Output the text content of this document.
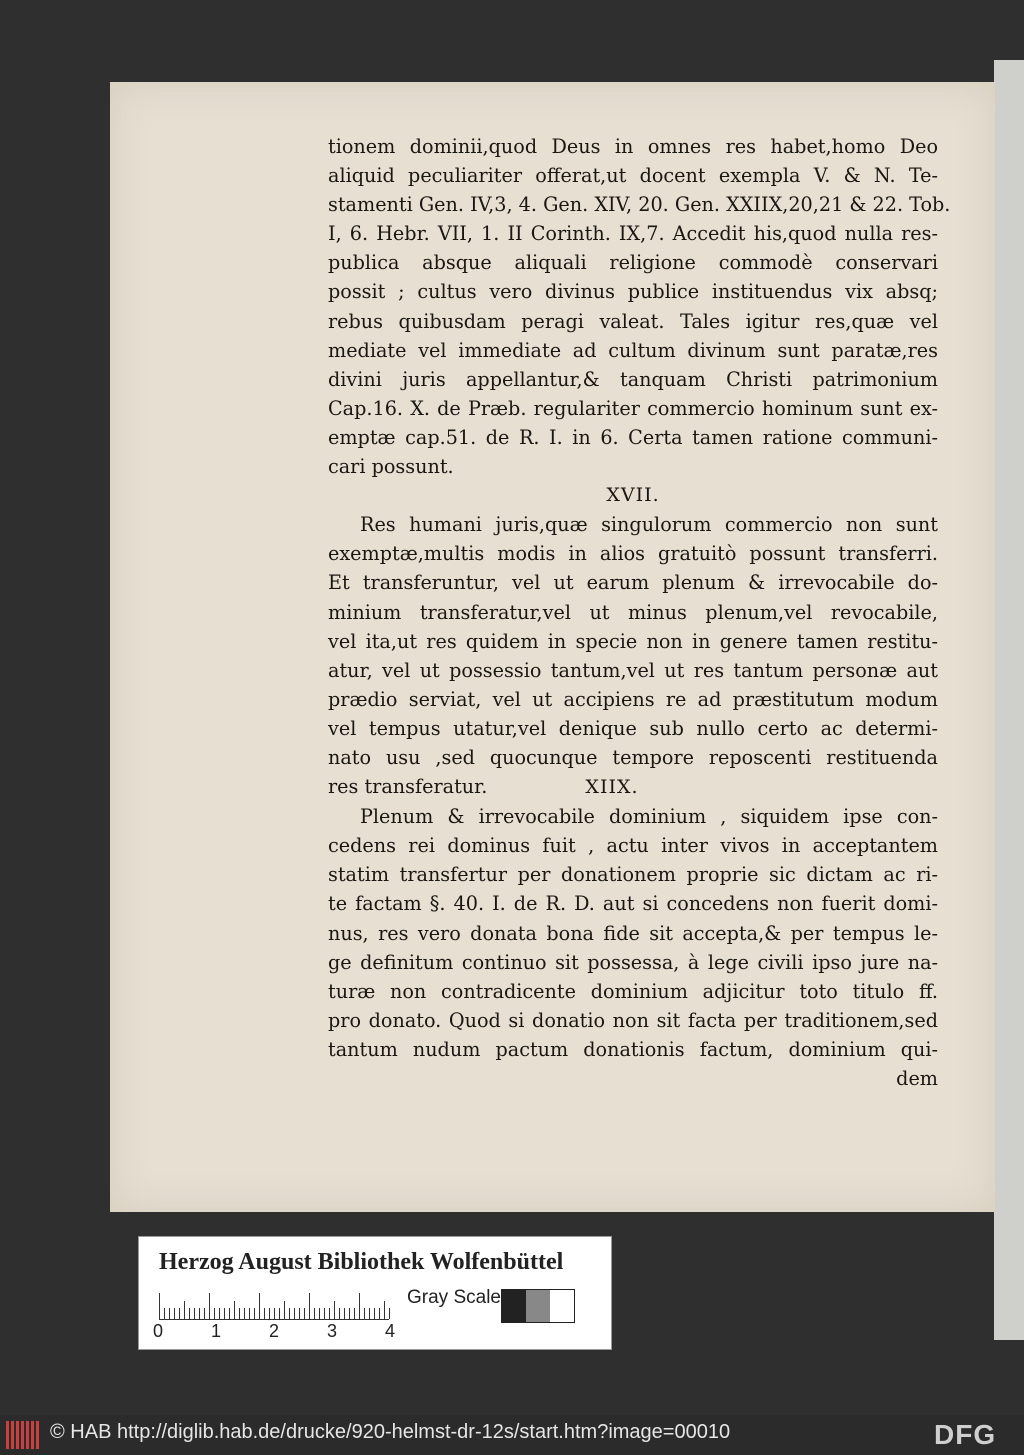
tionem dominii,quod Deus in omnes res habet,homo Deo
aliquid peculiariter offerat,ut docent exempla V. & N. Te-
stamenti Gen. IV,3, 4. Gen. XIV, 20. Gen. XXIIX,20,21 & 22. Tob.
I, 6. Hebr. VII, 1. II Corinth. IX,7. Accedit his,quod nulla res-
publica absque aliquali religione commodè conservari
possit ; cultus vero divinus publice instituendus vix absq;
rebus quibusdam peragi valeat. Tales igitur res,quæ vel
mediate vel immediate ad cultum divinum sunt paratæ,res
divini juris appellantur,& tanquam Christi patrimonium
Cap.16. X. de Præb. regulariter commercio hominum sunt ex-
emptæ cap.51. de R. I. in 6. Certa tamen ratione communi-
cari possunt.
XVII.
Res humani juris,quæ singulorum commercio non sunt
exemptæ,multis modis in alios gratuitò possunt transferri.
Et transferuntur, vel ut earum plenum & irrevocabile do-
minium transferatur,vel ut minus plenum,vel revocabile,
vel ita,ut res quidem in specie non in genere tamen restitu-
atur, vel ut possessio tantum,vel ut res tantum personæ aut
prædio serviat, vel ut accipiens re ad præstitutum modum
vel tempus utatur,vel denique sub nullo certo ac determi-
nato usu ,sed quocunque tempore reposcenti restituenda
res transferatur.	XIIX.
Plenum & irrevocabile dominium , siquidem ipse con-
cedens rei dominus fuit , actu inter vivos in acceptantem
statim transfertur per donationem proprie sic dictam ac ri-
te factam §. 40. I. de R. D. aut si concedens non fuerit domi-
nus, res vero donata bona fide sit accepta,& per tempus le-
ge definitum continuo sit possessa, à lege civili ipso jure na-
turæ non contradicente dominium adjicitur toto titulo ff.
pro donato. Quod si donatio non sit facta per traditionem,sed
tantum nudum pactum donationis factum, dominium qui-
dem
Herzog August Bibliothek Wolfenbüttel
0	1	2	3	4
Gray Scale
© HAB http://diglib.hab.de/drucke/920-helmst-dr-12s/start.htm?image=00010	DFG
